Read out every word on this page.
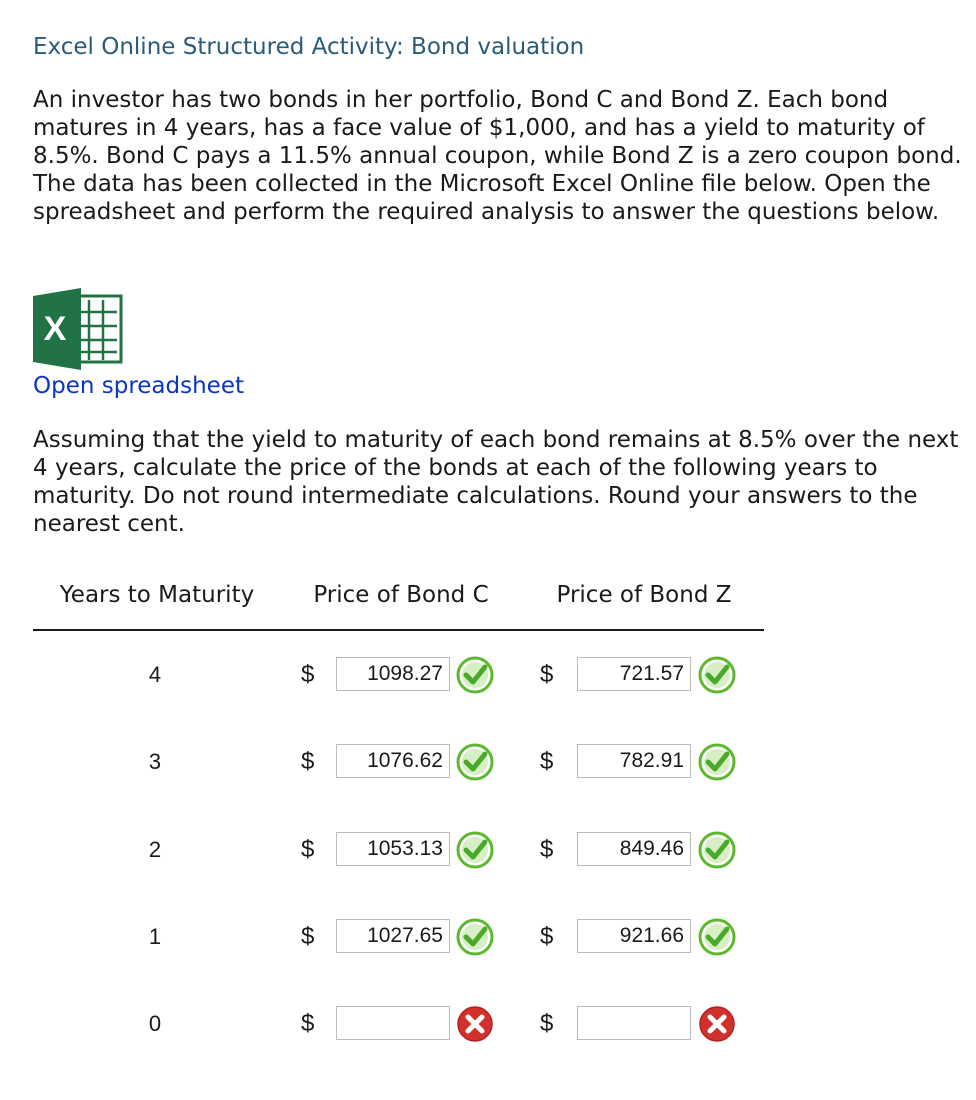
Excel Online Structured Activity: Bond valuation

An investor has two bonds in her portfolio, Bond C and Bond Z. Each bond matures in 4 years, has a face value of $1,000, and has a yield to maturity of 8.5%. Bond C pays a 11.5% annual coupon, while Bond Z is a zero coupon bond. The data has been collected in the Microsoft Excel Online file below. Open the spreadsheet and perform the required analysis to answer the questions below.

X
Open spreadsheet

Assuming that the yield to maturity of each bond remains at 8.5% over the next 4 years, calculate the price of the bonds at each of the following years to maturity. Do not round intermediate calculations. Round your answers to the nearest cent.

Years to Maturity	Price of Bond C	Price of Bond Z
4	$	1098.27	$	721.57
3	$	1076.62	$	782.91
2	$	1053.13	$	849.46
1	$	1027.65	$	921.66
0	$	$
